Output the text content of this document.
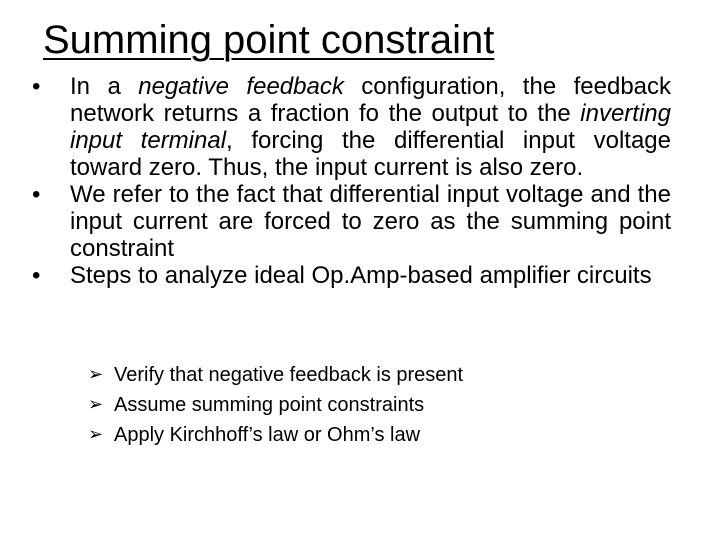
Summing point constraint
• In a negative feedback configuration, the feedback network returns a fraction fo the output to the inverting input terminal, forcing the differential input voltage toward zero. Thus, the input current is also zero.
• We refer to the fact that differential input voltage and the input current are forced to zero as the summing point constraint
• Steps to analyze ideal Op.Amp-based amplifier circuits
➢ Verify that negative feedback is present
➢ Assume summing point constraints
➢ Apply Kirchhoff’s law or Ohm’s law
